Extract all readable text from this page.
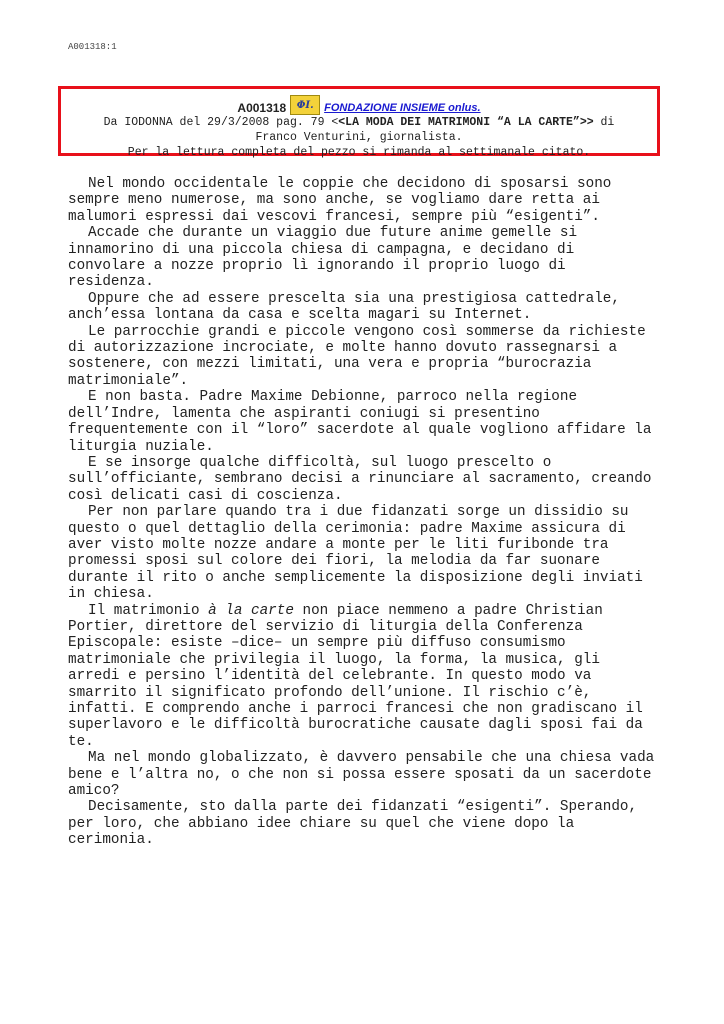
A001318:1
A001318 ΦI. FONDAZIONE INSIEME onlus.
Da IODONNA del 29/3/2008 pag. 79 <<LA MODA DEI MATRIMONI “A LA CARTE”>> di
Franco Venturini, giornalista.
Per la lettura completa del pezzo si rimanda al settimanale citato.

Nel mondo occidentale le coppie che decidono di sposarsi sono sempre meno numerose, ma sono anche, se vogliamo dare retta ai malumori espressi dai vescovi francesi, sempre più “esigenti”.

Accade che durante un viaggio due future anime gemelle si innamorino di una piccola chiesa di campagna, e decidano di convolare a nozze proprio lì ignorando il proprio luogo di residenza.

Oppure che ad essere prescelta sia una prestigiosa cattedrale, anch’essa lontana da casa e scelta magari su Internet.

Le parrocchie grandi e piccole vengono così sommerse da richieste di autorizzazione incrociate, e molte hanno dovuto rassegnarsi a sostenere, con mezzi limitati, una vera e propria “burocrazia matrimoniale”.

E non basta. Padre Maxime Debionne, parroco nella regione dell’Indre, lamenta che aspiranti coniugi si presentino frequentemente con il “loro” sacerdote al quale vogliono affidare la liturgia nuziale.

E se insorge qualche difficoltà, sul luogo prescelto o sull’officiante, sembrano decisi a rinunciare al sacramento, creando così delicati casi di coscienza.

Per non parlare quando tra i due fidanzati sorge un dissidio su questo o quel dettaglio della cerimonia: padre Maxime assicura di aver visto molte nozze andare a monte per le liti furibonde tra promessi sposi sul colore dei fiori, la melodia da far suonare durante il rito o anche semplicemente la disposizione degli inviati in chiesa.

Il matrimonio à la carte non piace nemmeno a padre Christian Portier, direttore del servizio di liturgia della Conferenza Episcopale: esiste –dice– un sempre più diffuso consumismo matrimoniale che privilegia il luogo, la forma, la musica, gli arredi e persino l’identità del celebrante. In questo modo va smarrito il significato profondo dell’unione. Il rischio c’è, infatti. E comprendo anche i parroci francesi che non gradiscano il superlavoro e le difficoltà burocratiche causate dagli sposi fai da te.

Ma nel mondo globalizzato, è davvero pensabile che una chiesa vada bene e l’altra no, o che non si possa essere sposati da un sacerdote amico?

Decisamente, sto dalla parte dei fidanzati “esigenti”. Sperando, per loro, che abbiano idee chiare su quel che viene dopo la cerimonia.
